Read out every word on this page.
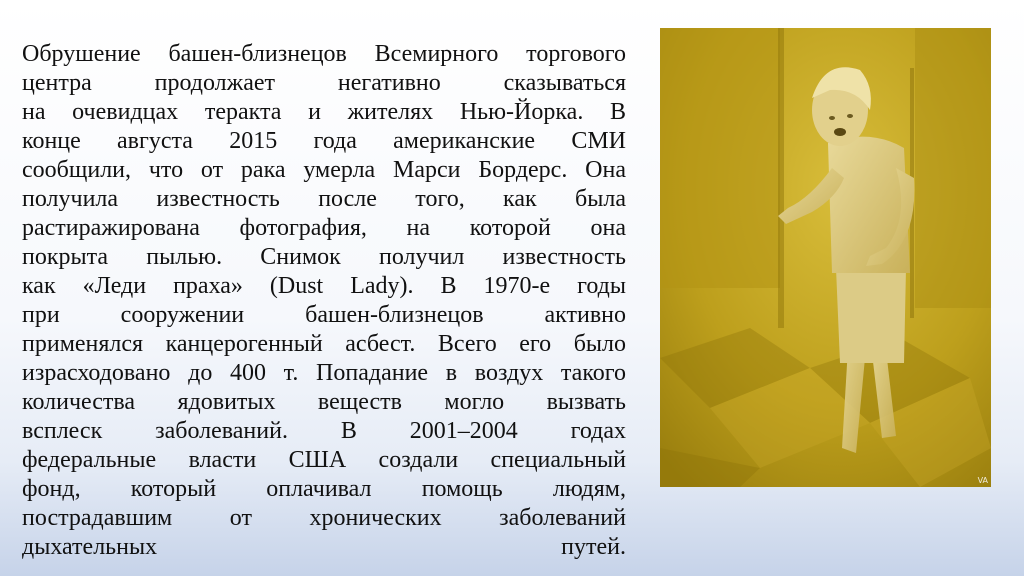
Обрушение башен-близнецов Всемирного торгового
центра продолжает негативно сказываться
на очевидцах теракта и жителях Нью-Йорка. В
конце августа 2015 года американские СМИ
сообщили, что от рака умерла Марси Бордерс. Она
получила известность после того, как была
растиражирована фотография, на которой она
покрыта пылью. Снимок получил известность
как «Леди праха» (Dust Lady). В 1970-е годы
при сооружении башен-близнецов активно
применялся канцерогенный асбест. Всего его было
израсходовано до 400 т. Попадание в воздух такого
количества ядовитых веществ могло вызвать
всплеск заболеваний. В 2001–2004 годах
федеральные власти США создали специальный
фонд, который оплачивал помощь людям,
пострадавшим от хронических заболеваний
дыхательных путей.

VA
